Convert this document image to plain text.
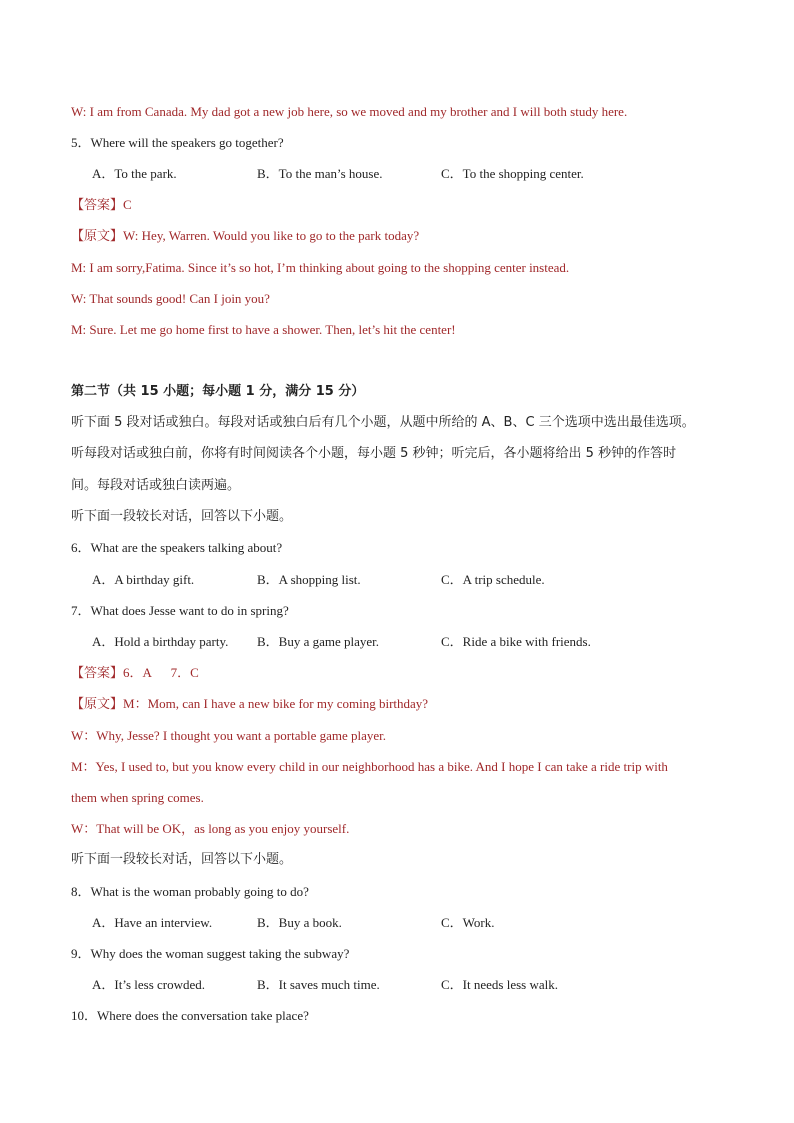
W: I am from Canada. My dad got a new job here, so we moved and my brother and I will both study here.
5．Where will the speakers go together?
A．To the park.	B．To the man’s house.	C．To the shopping center.
【答案】C
【原文】W: Hey, Warren. Would you like to go to the park today?
M: I am sorry,Fatima. Since it’s so hot, I’m thinking about going to the shopping center instead.
W: That sounds good! Can I join you?
M: Sure. Let me go home first to have a shower. Then, let’s hit the center!
第二节（共 15 小题；每小题 1 分，满分 15 分）
听下面 5 段对话或独白。每段对话或独白后有几个小题，从题中所给的 A、B、C 三个选项中选出最佳选项。
听每段对话或独白前，你将有时间阅读各个小题，每小题 5 秒钟；听完后，各小题将给出 5 秒钟的作答时
间。每段对话或独白读两遍。
听下面一段较长对话，回答以下小题。
6．What are the speakers talking about?
A．A birthday gift.	B．A shopping list.	C．A trip schedule.
7．What does Jesse want to do in spring?
A．Hold a birthday party. B．Buy a game player.	C．Ride a bike with friends.
【答案】6．A      7．C
【原文】M：Mom, can I have a new bike for my coming birthday?
W：Why, Jesse? I thought you want a portable game player.
M：Yes, I used to, but you know every child in our neighborhood has a bike. And I hope I can take a ride trip with
them when spring comes.
W：That will be OK，as long as you enjoy yourself.
听下面一段较长对话，回答以下小题。
8．What is the woman probably going to do?
A．Have an interview.	B．Buy a book.	C．Work.
9．Why does the woman suggest taking the subway?
A．It’s less crowded.	B．It saves much time.	C．It needs less walk.
10．Where does the conversation take place?
